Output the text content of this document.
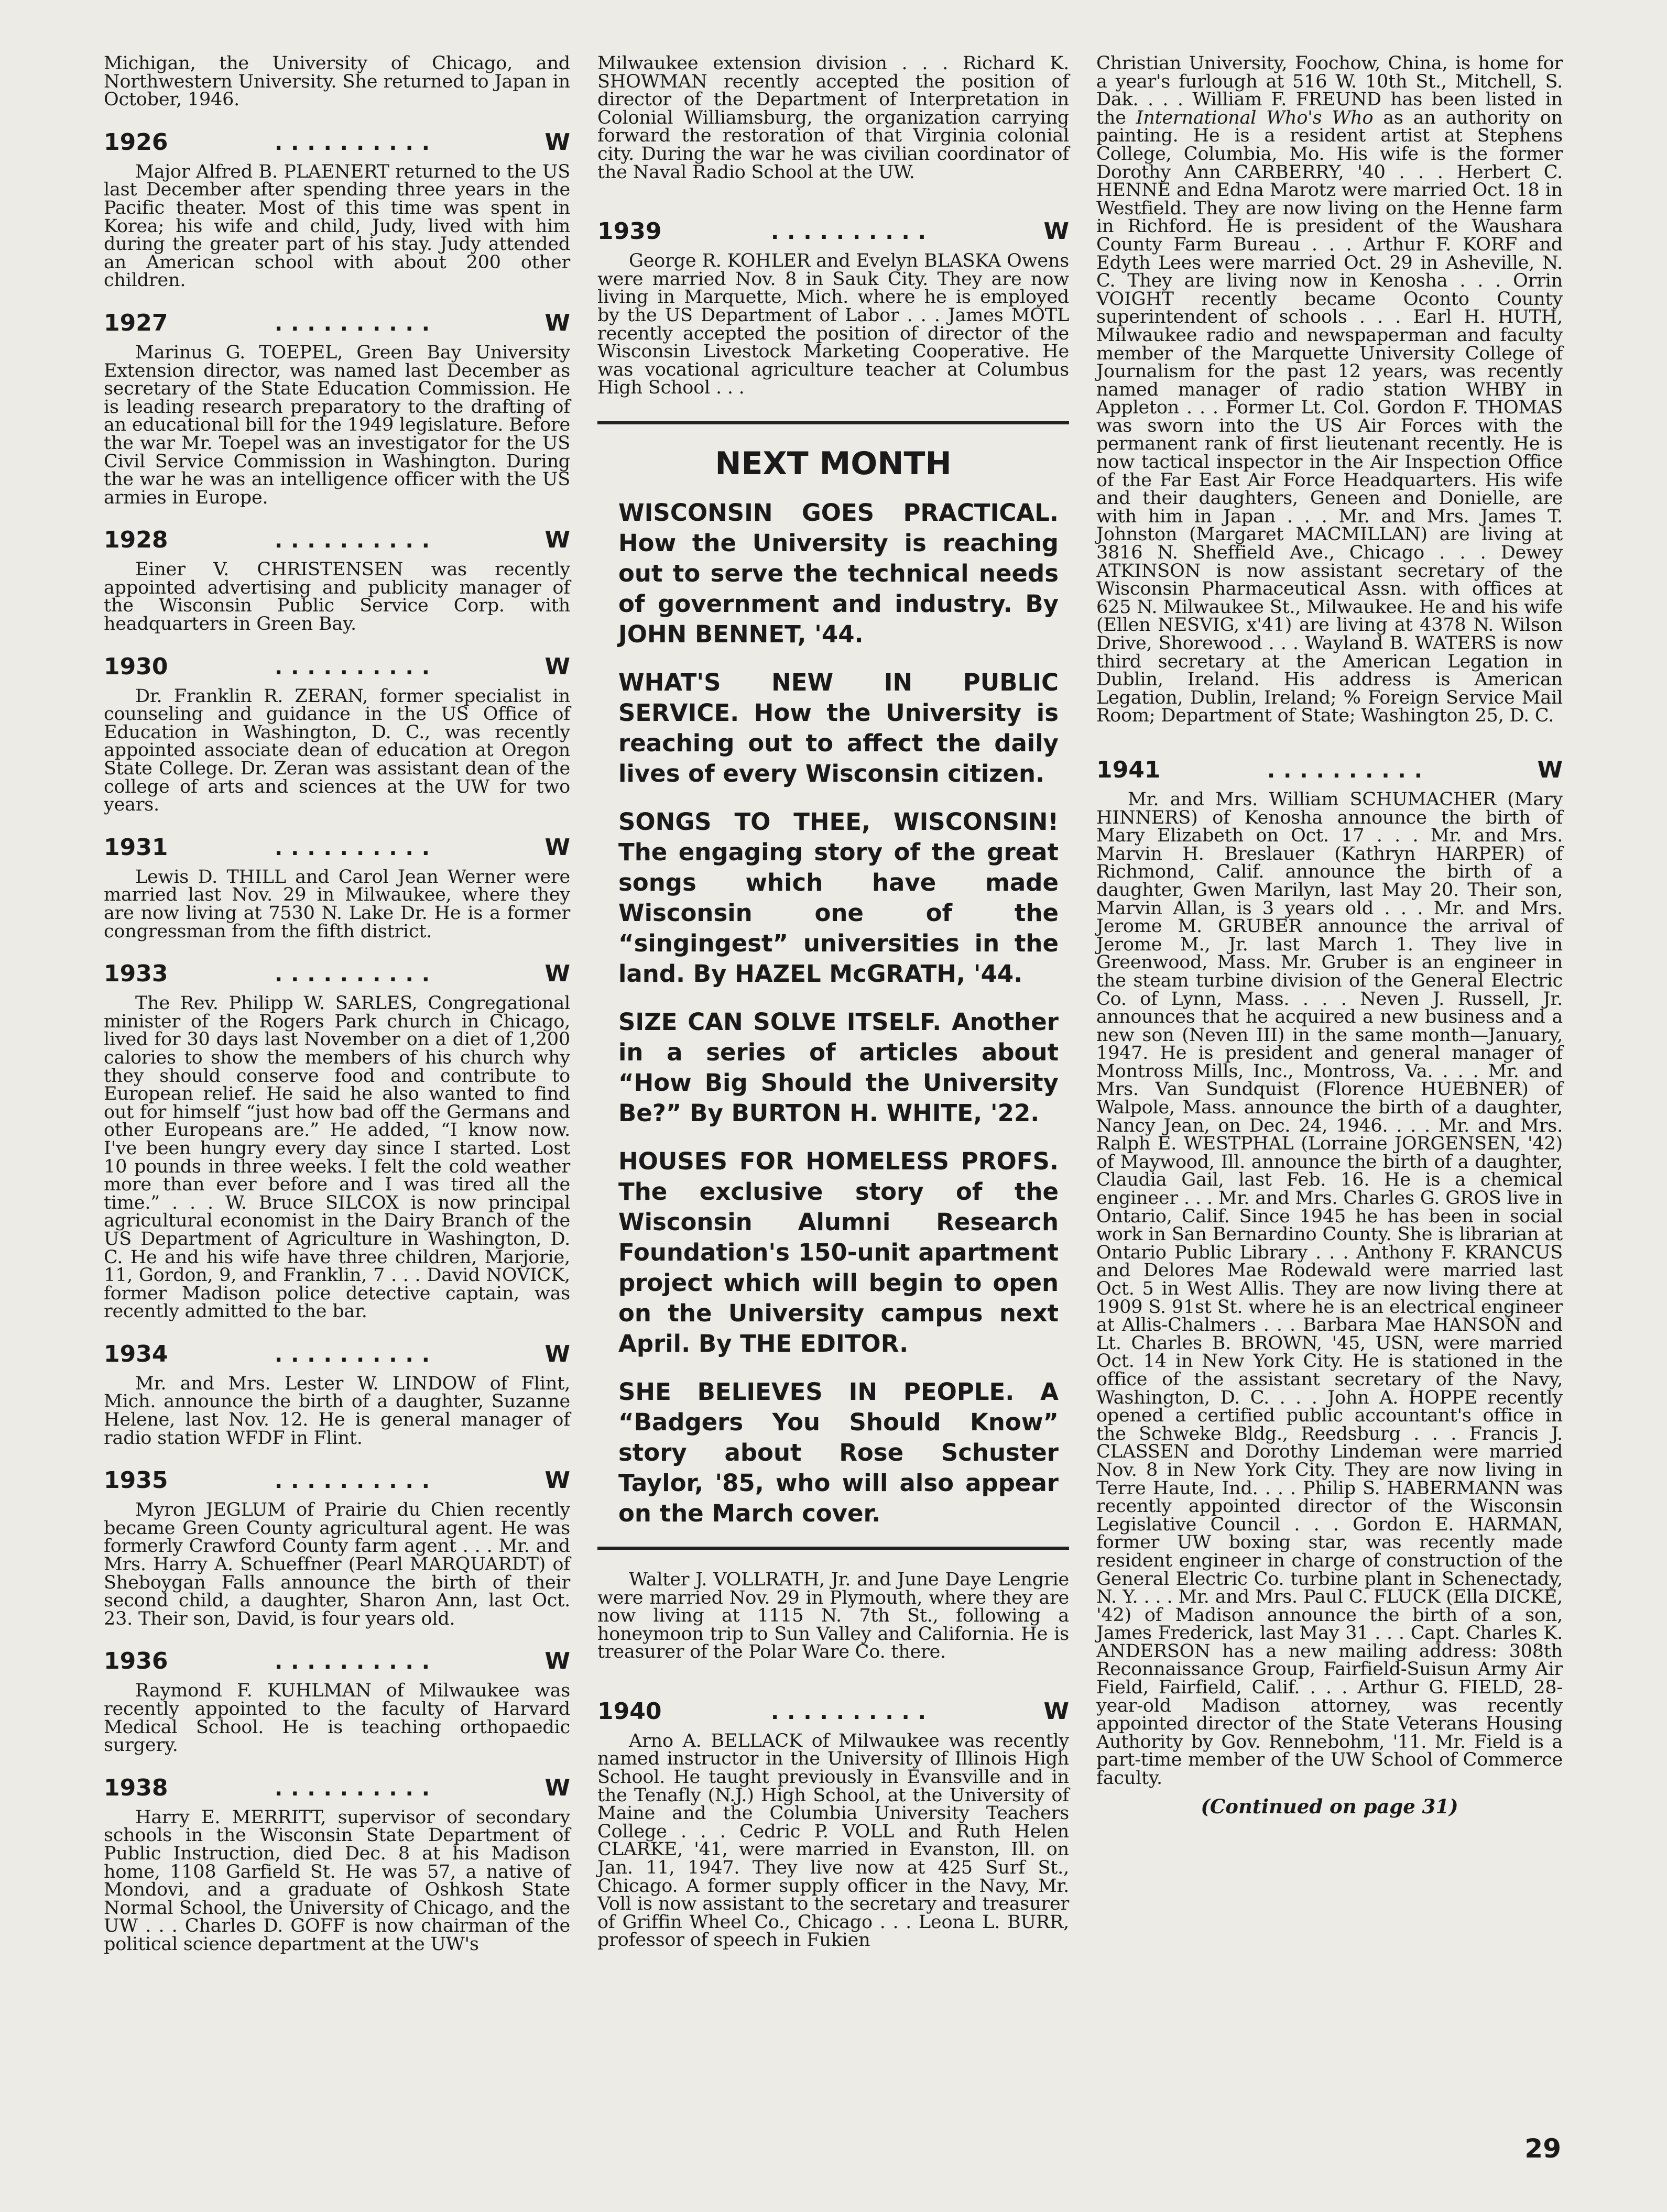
Michigan, the University of Chicago, and Northwestern University. She returned to Japan in October, 1946.

1926	..........	W

Major Alfred B. PLAENERT returned to the US last December after spending three years in the Pacific theater. Most of this time was spent in Korea; his wife and child, Judy, lived with him during the greater part of his stay. Judy attended an American school with about 200 other children.

1927	..........	W

Marinus G. TOEPEL, Green Bay University Extension director, was named last December as secretary of the State Education Commission. He is leading research preparatory to the drafting of an educational bill for the 1949 legislature. Before the war Mr. Toepel was an investigator for the US Civil Service Commission in Washington. During the war he was an intelligence officer with the US armies in Europe.

1928	..........	W

Einer V. CHRISTENSEN was recently appointed advertising and publicity manager of the Wisconsin Public Service Corp. with headquarters in Green Bay.

1930	..........	W

Dr. Franklin R. ZERAN, former specialist in counseling and guidance in the US Office of Education in Washington, D. C., was recently appointed associate dean of education at Oregon State College. Dr. Zeran was assistant dean of the college of arts and sciences at the UW for two years.

1931	..........	W

Lewis D. THILL and Carol Jean Werner were married last Nov. 29 in Milwaukee, where they are now living at 7530 N. Lake Dr. He is a former congressman from the fifth district.

1933	..........	W

The Rev. Philipp W. SARLES, Congregational minister of the Rogers Park church in Chicago, lived for 30 days last November on a diet of 1,200 calories to show the members of his church why they should conserve food and contribute to European relief. He said he also wanted to find out for himself “just how bad off the Germans and other Europeans are.” He added, “I know now. I've been hungry every day since I started. Lost 10 pounds in three weeks. I felt the cold weather more than ever before and I was tired all the time.” . . . W. Bruce SILCOX is now principal agricultural economist in the Dairy Branch of the US Department of Agriculture in Washington, D. C. He and his wife have three children, Marjorie, 11, Gordon, 9, and Franklin, 7 . . . David NOVICK, former Madison police detective captain, was recently admitted to the bar.

1934	..........	W

Mr. and Mrs. Lester W. LINDOW of Flint, Mich. announce the birth of a daughter, Suzanne Helene, last Nov. 12. He is general manager of radio station WFDF in Flint.

1935	..........	W

Myron JEGLUM of Prairie du Chien recently became Green County agricultural agent. He was formerly Crawford County farm agent . . . Mr. and Mrs. Harry A. Schueffner (Pearl MARQUARDT) of Sheboygan Falls announce the birth of their second child, a daughter, Sharon Ann, last Oct. 23. Their son, David, is four years old.

1936	..........	W

Raymond F. KUHLMAN of Milwaukee was recently appointed to the faculty of Harvard Medical School. He is teaching orthopaedic surgery.

1938	..........	W

Harry E. MERRITT, supervisor of secondary schools in the Wisconsin State Department of Public Instruction, died Dec. 8 at his Madison home, 1108 Garfield St. He was 57, a native of Mondovi, and a graduate of Oshkosh State Normal School, the University of Chicago, and the UW . . . Charles D. GOFF is now chairman of the political science department at the UW's

Milwaukee extension division . . . Richard K. SHOWMAN recently accepted the position of director of the Department of Interpretation in Colonial Williamsburg, the organization carrying forward the restoration of that Virginia colonial city. During the war he was civilian coordinator of the Naval Radio School at the UW.

1939	..........	W

George R. KOHLER and Evelyn BLASKA Owens were married Nov. 8 in Sauk City. They are now living in Marquette, Mich. where he is employed by the US Department of Labor . . . James MOTL recently accepted the position of director of the Wisconsin Livestock Marketing Cooperative. He was vocational agriculture teacher at Columbus High School . . .

NEXT MONTH

WISCONSIN GOES PRACTICAL. How the University is reaching out to serve the technical needs of government and industry. By JOHN BENNET, '44.

WHAT'S NEW IN PUBLIC SERVICE. How the University is reaching out to affect the daily lives of every Wisconsin citizen.

SONGS TO THEE, WISCONSIN! The engaging story of the great songs which have made Wisconsin one of the “singingest” universities in the land. By HAZEL McGRATH, '44.

SIZE CAN SOLVE ITSELF. Another in a series of articles about “How Big Should the University Be?” By BURTON H. WHITE, '22.

HOUSES FOR HOMELESS PROFS. The exclusive story of the Wisconsin Alumni Research Foundation's 150-unit apartment project which will begin to open on the University campus next April. By THE EDITOR.

SHE BELIEVES IN PEOPLE. A “Badgers You Should Know” story about Rose Schuster Taylor, '85, who will also appear on the March cover.

Walter J. VOLLRATH, Jr. and June Daye Lengrie were married Nov. 29 in Plymouth, where they are now living at 1115 N. 7th St., following a honeymoon trip to Sun Valley and California. He is treasurer of the Polar Ware Co. there.

1940	..........	W

Arno A. BELLACK of Milwaukee was recently named instructor in the University of Illinois High School. He taught previously in Evansville and in the Tenafly (N.J.) High School, at the University of Maine and the Columbia University Teachers College . . . Cedric P. VOLL and Ruth Helen CLARKE, '41, were married in Evanston, Ill. on Jan. 11, 1947. They live now at 425 Surf St., Chicago. A former supply officer in the Navy, Mr. Voll is now assistant to the secretary and treasurer of Griffin Wheel Co., Chicago . . . Leona L. BURR, professor of speech in Fukien

Christian University, Foochow, China, is home for a year's furlough at 516 W. 10th St., Mitchell, S. Dak. . . . William F. FREUND has been listed in the International Who's Who as an authority on painting. He is a resident artist at Stephens College, Columbia, Mo. His wife is the former Dorothy Ann CARBERRY, '40 . . . Herbert C. HENNE and Edna Marotz were married Oct. 18 in Westfield. They are now living on the Henne farm in Richford. He is president of the Waushara County Farm Bureau . . . Arthur F. KORF and Edyth Lees were married Oct. 29 in Asheville, N. C. They are living now in Kenosha . . . Orrin VOIGHT recently became Oconto County superintendent of schools . . . Earl H. HUTH, Milwaukee radio and newspaperman and faculty member of the Marquette University College of Journalism for the past 12 years, was recently named manager of radio station WHBY in Appleton . . . Former Lt. Col. Gordon F. THOMAS was sworn into the US Air Forces with the permanent rank of first lieutenant recently. He is now tactical inspector in the Air Inspection Office of the Far East Air Force Headquarters. His wife and their daughters, Geneen and Donielle, are with him in Japan . . . Mr. and Mrs. James T. Johnston (Margaret MACMILLAN) are living at 3816 N. Sheffield Ave., Chicago . . . Dewey ATKINSON is now assistant secretary of the Wisconsin Pharmaceutical Assn. with offices at 625 N. Milwaukee St., Milwaukee. He and his wife (Ellen NESVIG, x'41) are living at 4378 N. Wilson Drive, Shorewood . . . Wayland B. WATERS is now third secretary at the American Legation in Dublin, Ireland. His address is American Legation, Dublin, Ireland; % Foreign Service Mail Room; Department of State; Washington 25, D. C.

1941	..........	W

Mr. and Mrs. William SCHUMACHER (Mary HINNERS) of Kenosha announce the birth of Mary Elizabeth on Oct. 17 . . . Mr. and Mrs. Marvin H. Breslauer (Kathryn HARPER) of Richmond, Calif. announce the birth of a daughter, Gwen Marilyn, last May 20. Their son, Marvin Allan, is 3 years old . . . Mr. and Mrs. Jerome M. GRUBER announce the arrival of Jerome M., Jr. last March 1. They live in Greenwood, Mass. Mr. Gruber is an engineer in the steam turbine division of the General Electric Co. of Lynn, Mass. . . . Neven J. Russell, Jr. announces that he acquired a new business and a new son (Neven III) in the same month—January, 1947. He is president and general manager of Montross Mills, Inc., Montross, Va. . . . Mr. and Mrs. Van Sundquist (Florence HUEBNER) of Walpole, Mass. announce the birth of a daughter, Nancy Jean, on Dec. 24, 1946. . . . Mr. and Mrs. Ralph E. WESTPHAL (Lorraine JORGENSEN, '42) of Maywood, Ill. announce the birth of a daughter, Claudia Gail, last Feb. 16. He is a chemical engineer . . . Mr. and Mrs. Charles G. GROS live in Ontario, Calif. Since 1945 he has been in social work in San Bernardino County. She is librarian at Ontario Public Library . . . Anthony F. KRANCUS and Delores Mae Rodewald were married last Oct. 5 in West Allis. They are now living there at 1909 S. 91st St. where he is an electrical engineer at Allis-Chalmers . . . Barbara Mae HANSON and Lt. Charles B. BROWN, '45, USN, were married Oct. 14 in New York City. He is stationed in the office of the assistant secretary of the Navy, Washington, D. C. . . . John A. HOPPE recently opened a certified public accountant's office in the Schweke Bldg., Reedsburg . . . Francis J. CLASSEN and Dorothy Lindeman were married Nov. 8 in New York City. They are now living in Terre Haute, Ind. . . . Philip S. HABERMANN was recently appointed director of the Wisconsin Legislative Council . . . Gordon E. HARMAN, former UW boxing star, was recently made resident engineer in charge of construction of the General Electric Co. turbine plant in Schenectady, N. Y. . . . Mr. and Mrs. Paul C. FLUCK (Ella DICKE, '42) of Madison announce the birth of a son, James Frederick, last May 31 . . . Capt. Charles K. ANDERSON has a new mailing address: 308th Reconnaissance Group, Fairfield-Suisun Army Air Field, Fairfield, Calif. . . . Arthur G. FIELD, 28-year-old Madison attorney, was recently appointed director of the State Veterans Housing Authority by Gov. Rennebohm, '11. Mr. Field is a part-time member of the UW School of Commerce faculty.

(Continued on page 31)
29
